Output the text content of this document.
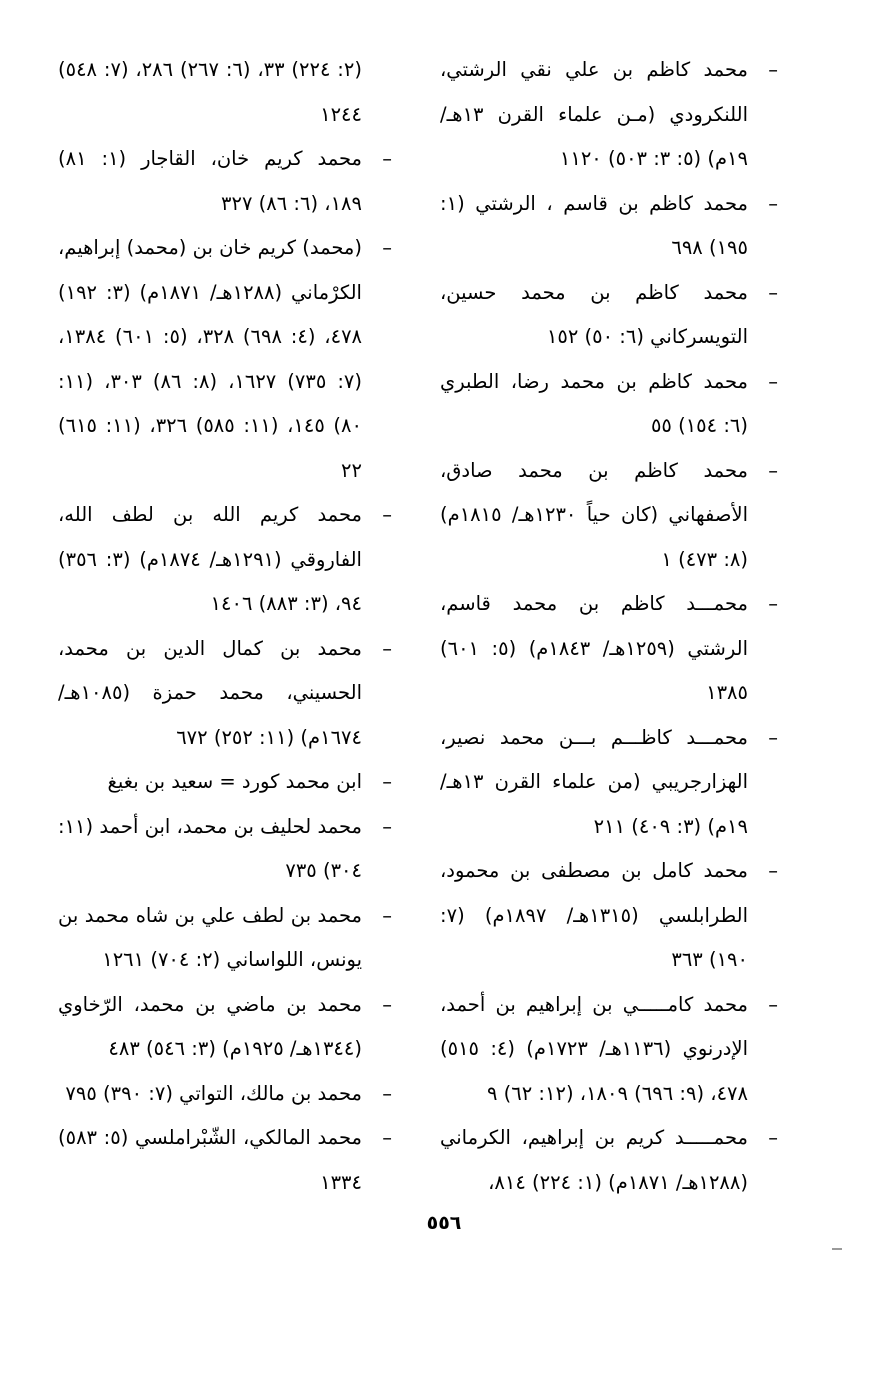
–
محمد كاظم بن علي نقي الرشتي، اللنكرودي (مـن علماء القرن ١٣هـ/ ١٩م) (٥: ٣: ٥٠٣) ١١٢٠
–
محمد كاظم بن قاسم ، الرشتي (١: ١٩٥) ٦٩٨
–
محمد كاظم بن محمد حسين، التويسركاني (٦: ٥٠) ١٥٢
–
محمد كاظم بن محمد رضا، الطبري (٦: ١٥٤) ٥٥
–
محمد كاظم بن محمد صادق، الأصفهاني (كان حياً ١٢٣٠هـ/ ١٨١٥م) (٨: ٤٧٣) ١
–
محمـــد كاظم بن محمد قاسم، الرشتي (١٢٥٩هـ/ ١٨٤٣م) (٥: ٦٠١) ١٣٨٥
–
محمـــد كاظـــم بـــن محمد نصير، الهزارجريبي (من علماء القرن ١٣هـ/ ١٩م) (٣: ٤٠٩) ٢١١
–
محمد كامل بن مصطفى بن محمود، الطرابلسي (١٣١٥هـ/ ١٨٩٧م) (٧: ١٩٠) ٣٦٣
–
محمد كامـــــي بن إبراهيم بن أحمد، الإدرنوي (١١٣٦هـ/ ١٧٢٣م) (٤: ٥١٥) ٤٧٨، (٩: ٦٩٦) ١٨٠٩، (١٢: ٦٢) ٩
–
محمـــــد كريم بن إبراهيم، الكرماني (١٢٨٨هـ/ ١٨٧١م) (١: ٢٢٤) ٨١٤،
(٢: ٢٢٤) ٣٣، (٦: ٢٦٧) ٢٨٦، (٧: ٥٤٨) ١٢٤٤
–
محمد كريم خان، القاجار (١: ٨١) ١٨٩، (٦: ٨٦) ٣٢٧
–
(محمد) كريم خان بن (محمد) إبراهيم، الكرْماني (١٢٨٨هـ/ ١٨٧١م) (٣: ١٩٢) ٤٧٨، (٤: ٦٩٨) ٣٢٨، (٥: ٦٠١) ١٣٨٤، (٧: ٧٣٥) ١٦٢٧، (٨: ٨٦) ٣٠٣، (١١: ٨٠) ١٤٥، (١١: ٥٨٥) ٣٢٦، (١١: ٦١٥) ٢٢
–
محمد كريم الله بن لطف الله، الفاروقي (١٢٩١هـ/ ١٨٧٤م) (٣: ٣٥٦) ٩٤، (٣: ٨٨٣) ١٤٠٦
–
محمد بن كمال الدين بن محمد، الحسيني، محمد حمزة (١٠٨٥هـ/ ١٦٧٤م) (١١: ٢٥٢) ٦٧٢
–
ابن محمد كورد = سعيد بن بغيغ
–
محمد لحليف بن محمد، ابن أحمد (١١: ٣٠٤) ٧٣٥
–
محمد بن لطف علي بن شاه محمد بن يونس، اللواساني (٢: ٧٠٤) ١٢٦١
–
محمد بن ماضي بن محمد، الرّخاوي (١٣٤٤هـ/ ١٩٢٥م) (٣: ٥٤٦) ٤٨٣
–
محمد بن مالك، التواتي (٧: ٣٩٠) ٧٩٥
–
محمد المالكي، الشّبْراملسي (٥: ٥٨٣) ١٣٣٤
٥٥٦
